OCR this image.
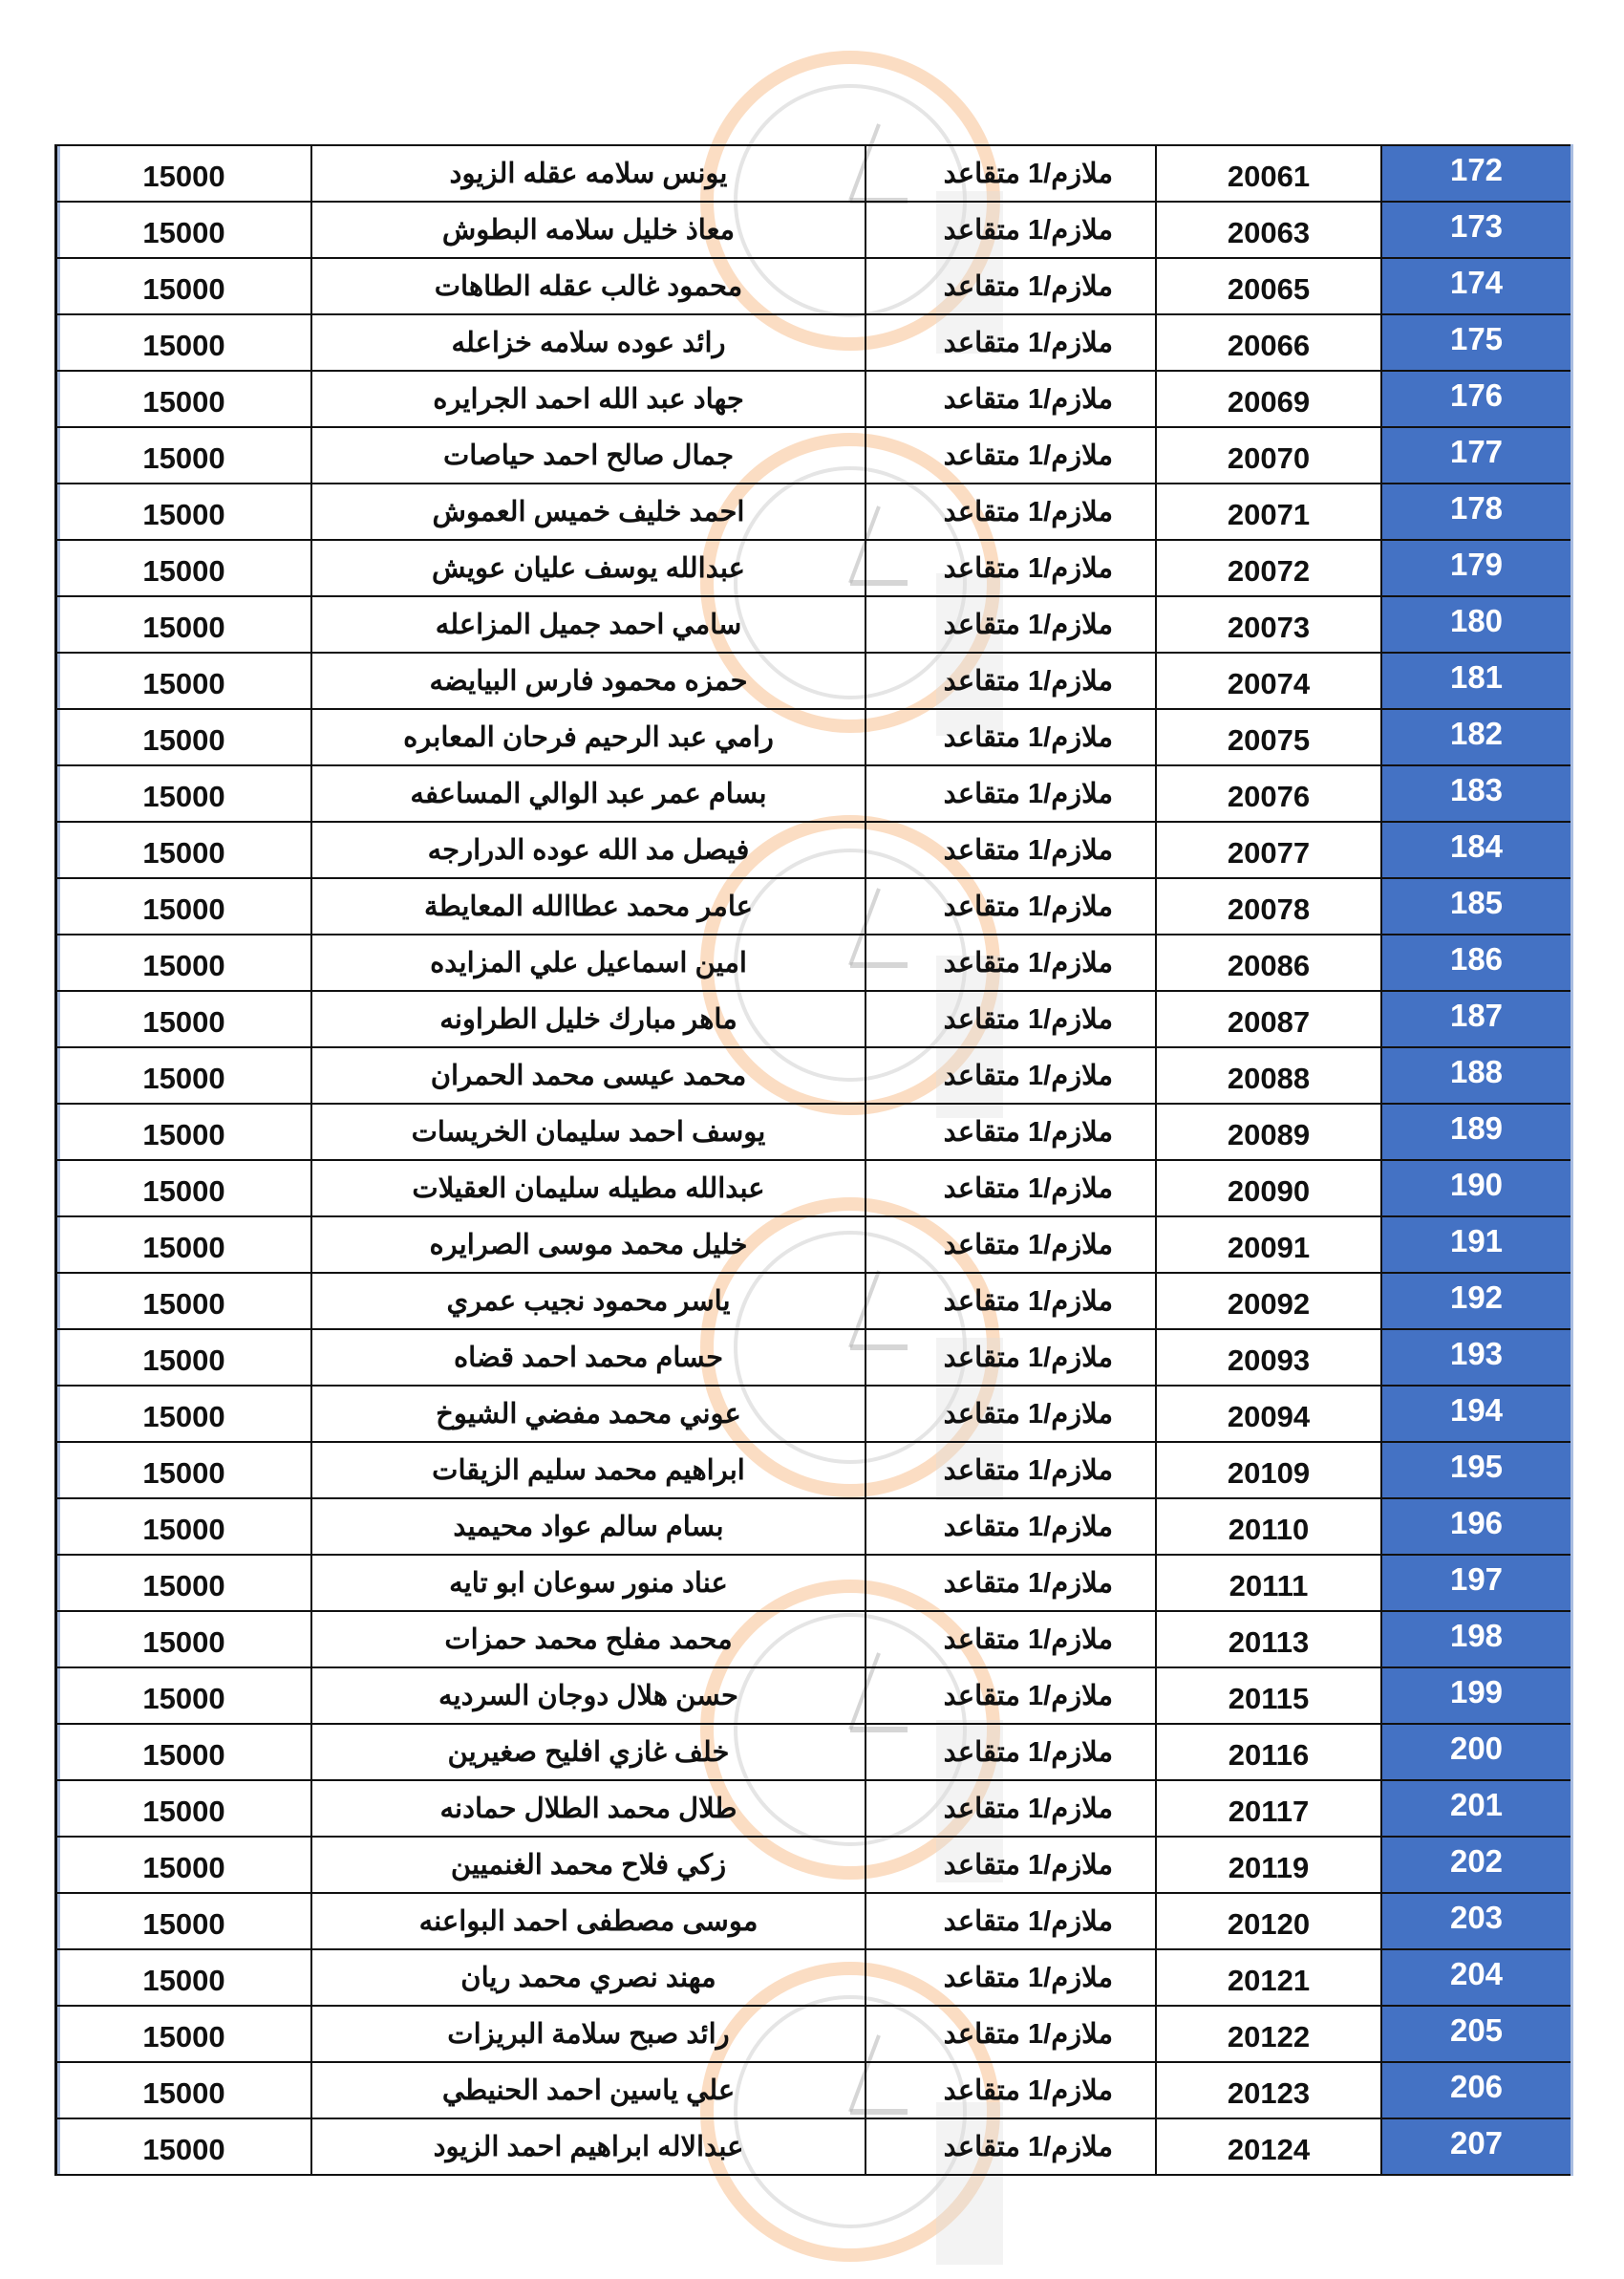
15000	يونس سلامه عقله الزيود	ملازم/1 متقاعد	20061	172
15000	معاذ خليل سلامه البطوش	ملازم/1 متقاعد	20063	173
15000	محمود غالب عقله الطاهات	ملازم/1 متقاعد	20065	174
15000	رائد عوده سلامه خزاعله	ملازم/1 متقاعد	20066	175
15000	جهاد عبد الله احمد الجرايره	ملازم/1 متقاعد	20069	176
15000	جمال صالح احمد حياصات	ملازم/1 متقاعد	20070	177
15000	احمد خليف خميس العموش	ملازم/1 متقاعد	20071	178
15000	عبدالله يوسف عليان عويش	ملازم/1 متقاعد	20072	179
15000	سامي احمد جميل المزاعله	ملازم/1 متقاعد	20073	180
15000	حمزه محمود فارس البيايضه	ملازم/1 متقاعد	20074	181
15000	رامي عبد الرحيم فرحان المعابره	ملازم/1 متقاعد	20075	182
15000	بسام عمر عبد الوالي المساعفه	ملازم/1 متقاعد	20076	183
15000	فيصل مد الله عوده الدرارجه	ملازم/1 متقاعد	20077	184
15000	عامر محمد عطاالله المعايطة	ملازم/1 متقاعد	20078	185
15000	امين اسماعيل علي المزايده	ملازم/1 متقاعد	20086	186
15000	ماهر مبارك خليل الطراونه	ملازم/1 متقاعد	20087	187
15000	محمد عيسى محمد الحمران	ملازم/1 متقاعد	20088	188
15000	يوسف احمد سليمان الخريسات	ملازم/1 متقاعد	20089	189
15000	عبدالله مطيله سليمان العقيلات	ملازم/1 متقاعد	20090	190
15000	خليل محمد موسى الصرايره	ملازم/1 متقاعد	20091	191
15000	ياسر محمود نجيب عمري	ملازم/1 متقاعد	20092	192
15000	حسام محمد احمد قضاه	ملازم/1 متقاعد	20093	193
15000	عوني محمد مفضي الشيوخ	ملازم/1 متقاعد	20094	194
15000	ابراهيم محمد سليم الزيقات	ملازم/1 متقاعد	20109	195
15000	بسام سالم عواد محيميد	ملازم/1 متقاعد	20110	196
15000	عناد منور سوعان ابو تايه	ملازم/1 متقاعد	20111	197
15000	محمد مفلح محمد حمزات	ملازم/1 متقاعد	20113	198
15000	حسن هلال دوجان السرديه	ملازم/1 متقاعد	20115	199
15000	خلف غازي افليح صغيرين	ملازم/1 متقاعد	20116	200
15000	طلال محمد الطلال حمادنه	ملازم/1 متقاعد	20117	201
15000	زكي فلاح محمد الغنميين	ملازم/1 متقاعد	20119	202
15000	موسى مصطفى احمد البواعنه	ملازم/1 متقاعد	20120	203
15000	مهند نصري محمد ريان	ملازم/1 متقاعد	20121	204
15000	رائد صبح سلامة البريزات	ملازم/1 متقاعد	20122	205
15000	علي ياسين احمد الحنيطي	ملازم/1 متقاعد	20123	206
15000	عبدالاله ابراهيم احمد الزيود	ملازم/1 متقاعد	20124	207
